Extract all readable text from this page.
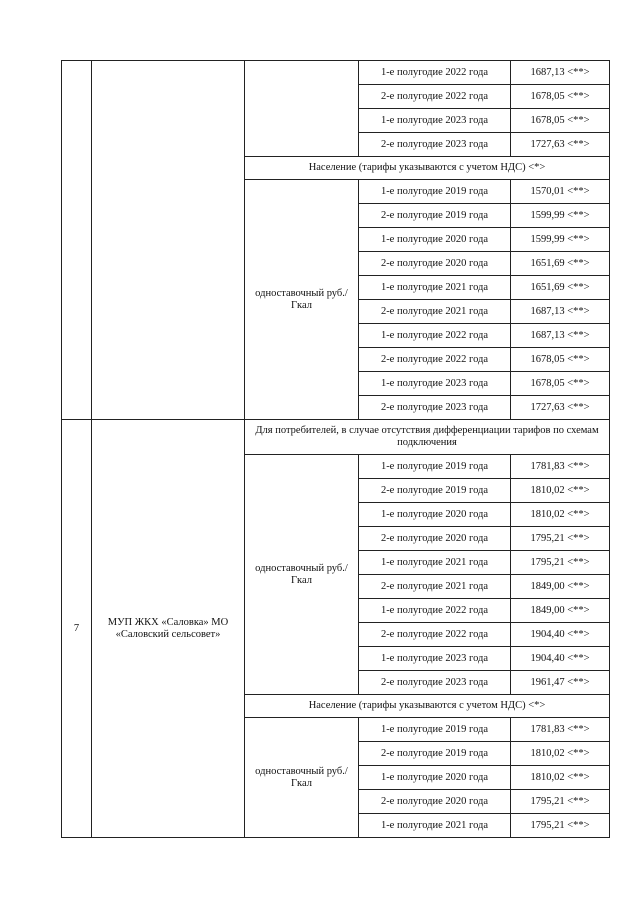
			1-е полугодие 2022 года	1687,13 <**>
			2-е полугодие 2022 года	1678,05 <**>
			1-е полугодие 2023 года	1678,05 <**>
			2-е полугодие 2023 года	1727,63 <**>
		Население (тарифы указываются с учетом НДС) <*>		
		одноставочный руб./Гкал	1-е полугодие 2019 года	1570,01 <**>
			2-е полугодие 2019 года	1599,99 <**>
			1-е полугодие 2020 года	1599,99 <**>
			2-е полугодие 2020 года	1651,69 <**>
			1-е полугодие 2021 года	1651,69 <**>
			2-е полугодие 2021 года	1687,13 <**>
			1-е полугодие 2022 года	1687,13 <**>
			2-е полугодие 2022 года	1678,05 <**>
			1-е полугодие 2023 года	1678,05 <**>
			2-е полугодие 2023 года	1727,63 <**>
7	МУП ЖКХ «Саловка» МО «Саловский сельсовет»	Для потребителей, в случае отсутствия дифференциации тарифов по схемам подключения		
		одноставочный руб./Гкал	1-е полугодие 2019 года	1781,83 <**>
			2-е полугодие 2019 года	1810,02 <**>
			1-е полугодие 2020 года	1810,02 <**>
			2-е полугодие 2020 года	1795,21 <**>
			1-е полугодие 2021 года	1795,21 <**>
			2-е полугодие 2021 года	1849,00 <**>
			1-е полугодие 2022 года	1849,00 <**>
			2-е полугодие 2022 года	1904,40 <**>
			1-е полугодие 2023 года	1904,40 <**>
			2-е полугодие 2023 года	1961,47 <**>
		Население (тарифы указываются с учетом НДС) <*>		
		одноставочный руб./Гкал	1-е полугодие 2019 года	1781,83 <**>
			2-е полугодие 2019 года	1810,02 <**>
			1-е полугодие 2020 года	1810,02 <**>
			2-е полугодие 2020 года	1795,21 <**>
			1-е полугодие 2021 года	1795,21 <**>
